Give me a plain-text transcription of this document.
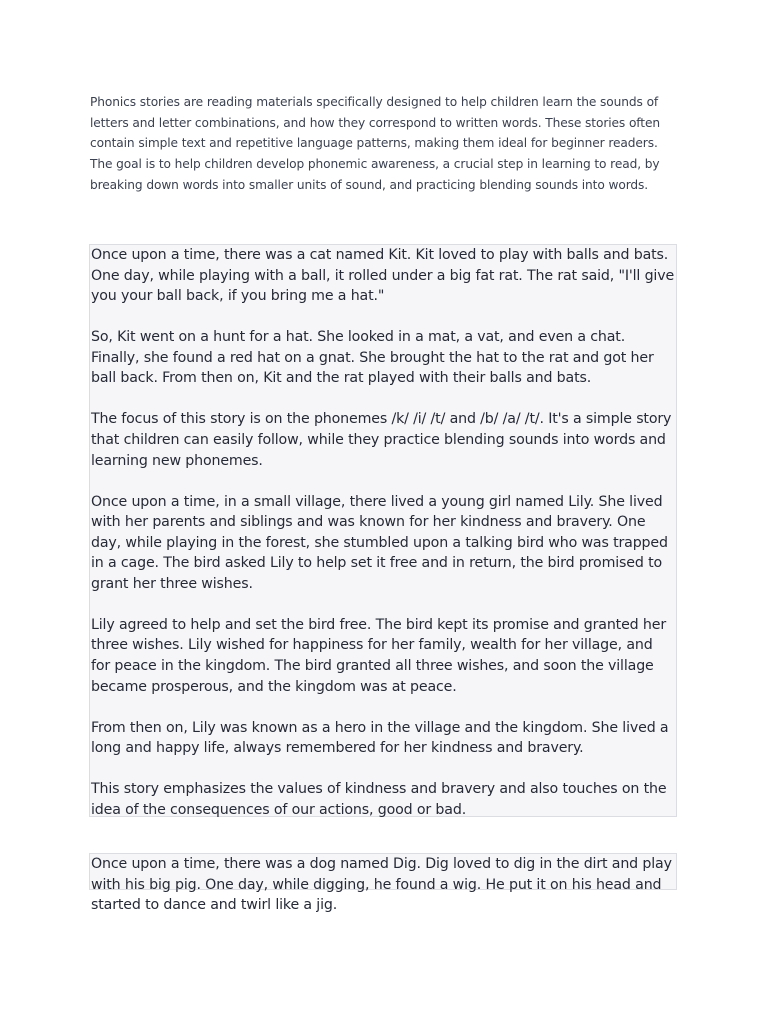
Phonics stories are reading materials specifically designed to help children learn the sounds of letters and letter combinations, and how they correspond to written words. These stories often contain simple text and repetitive language patterns, making them ideal for beginner readers. The goal is to help children develop phonemic awareness, a crucial step in learning to read, by breaking down words into smaller units of sound, and practicing blending sounds into words.

Once upon a time, there was a cat named Kit. Kit loved to play with balls and bats. One day, while playing with a ball, it rolled under a big fat rat. The rat said, "I'll give you your ball back, if you bring me a hat."

So, Kit went on a hunt for a hat. She looked in a mat, a vat, and even a chat. Finally, she found a red hat on a gnat. She brought the hat to the rat and got her ball back. From then on, Kit and the rat played with their balls and bats.

The focus of this story is on the phonemes /k/ /i/ /t/ and /b/ /a/ /t/. It's a simple story that children can easily follow, while they practice blending sounds into words and learning new phonemes.

Once upon a time, in a small village, there lived a young girl named Lily. She lived with her parents and siblings and was known for her kindness and bravery. One day, while playing in the forest, she stumbled upon a talking bird who was trapped in a cage. The bird asked Lily to help set it free and in return, the bird promised to grant her three wishes.

Lily agreed to help and set the bird free. The bird kept its promise and granted her three wishes. Lily wished for happiness for her family, wealth for her village, and for peace in the kingdom. The bird granted all three wishes, and soon the village became prosperous, and the kingdom was at peace.

From then on, Lily was known as a hero in the village and the kingdom. She lived a long and happy life, always remembered for her kindness and bravery.

This story emphasizes the values of kindness and bravery and also touches on the idea of the consequences of our actions, good or bad.

Once upon a time, there was a dog named Dig. Dig loved to dig in the dirt and play with his big pig. One day, while digging, he found a wig. He put it on his head and started to dance and twirl like a jig.
